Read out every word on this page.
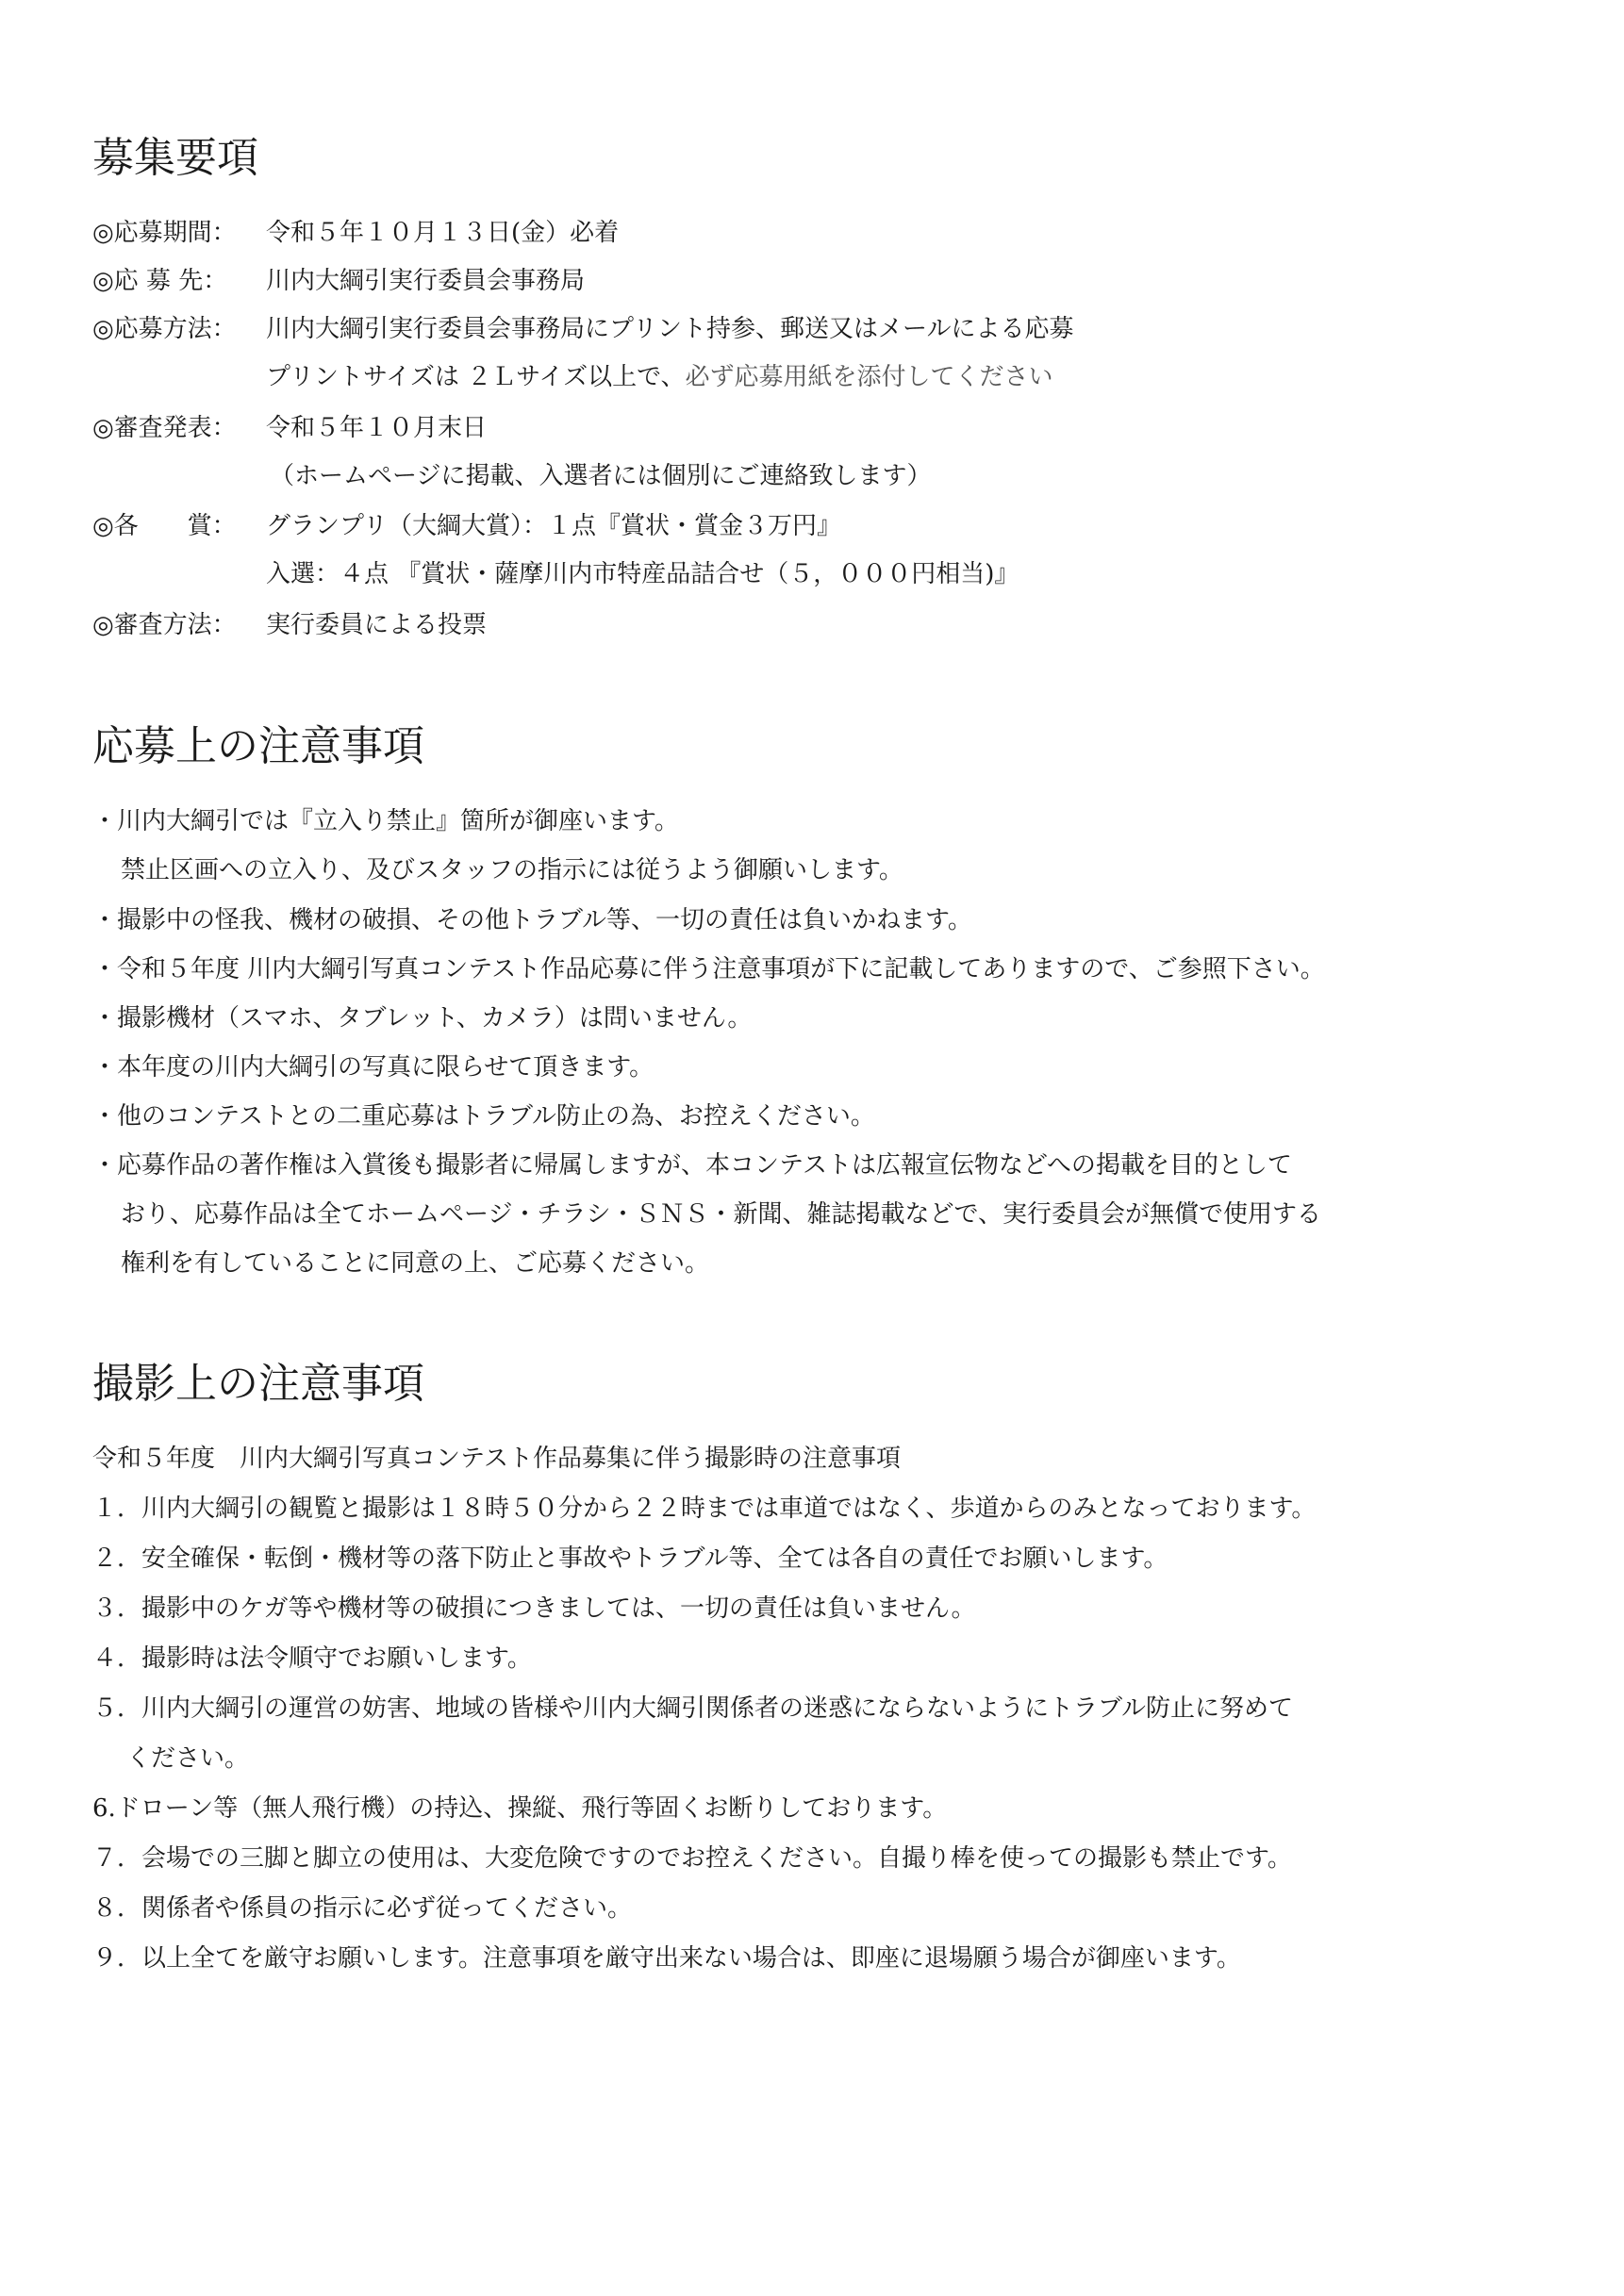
募集要項
◎応募期間： 令和５年１０月１３日(金）必着
◎応 募 先： 川内大綱引実行委員会事務局
◎応募方法： 川内大綱引実行委員会事務局にプリント持参、郵送又はメールによる応募
プリントサイズは ２Ｌサイズ以上で、必ず応募用紙を添付してください
◎審査発表： 令和５年１０月末日
（ホームページに掲載、入選者には個別にご連絡致します）
◎各　　賞： グランプリ（大綱大賞）：１点『賞状・賞金３万円』
入選：４点 『賞状・薩摩川内市特産品詰合せ（５，０００円相当)』
◎審査方法： 実行委員による投票
応募上の注意事項
・川内大綱引では『立入り禁止』箇所が御座います。
禁止区画への立入り、及びスタッフの指示には従うよう御願いします。
・撮影中の怪我、機材の破損、その他トラブル等、一切の責任は負いかねます。
・令和５年度 川内大綱引写真コンテスト作品応募に伴う注意事項が下に記載してありますので、ご参照下さい。
・撮影機材（スマホ、タブレット、カメラ）は問いません。
・本年度の川内大綱引の写真に限らせて頂きます。
・他のコンテストとの二重応募はトラブル防止の為、お控えください。
・応募作品の著作権は入賞後も撮影者に帰属しますが、本コンテストは広報宣伝物などへの掲載を目的として
おり、応募作品は全てホームページ・チラシ・ＳＮＳ・新聞、雑誌掲載などで、実行委員会が無償で使用する
権利を有していることに同意の上、ご応募ください。
撮影上の注意事項
令和５年度　川内大綱引写真コンテスト作品募集に伴う撮影時の注意事項
１．川内大綱引の観覧と撮影は１８時５０分から２２時までは車道ではなく、歩道からのみとなっております。
２．安全確保・転倒・機材等の落下防止と事故やトラブル等、全ては各自の責任でお願いします。
３．撮影中のケガ等や機材等の破損につきましては、一切の責任は負いません。
４．撮影時は法令順守でお願いします。
５．川内大綱引の運営の妨害、地域の皆様や川内大綱引関係者の迷惑にならないようにトラブル防止に努めて
ください。
6.ドローン等（無人飛行機）の持込、操縦、飛行等固くお断りしております。
７．会場での三脚と脚立の使用は、大変危険ですのでお控えください。自撮り棒を使っての撮影も禁止です。
８．関係者や係員の指示に必ず従ってください。
９．以上全てを厳守お願いします。注意事項を厳守出来ない場合は、即座に退場願う場合が御座います。
